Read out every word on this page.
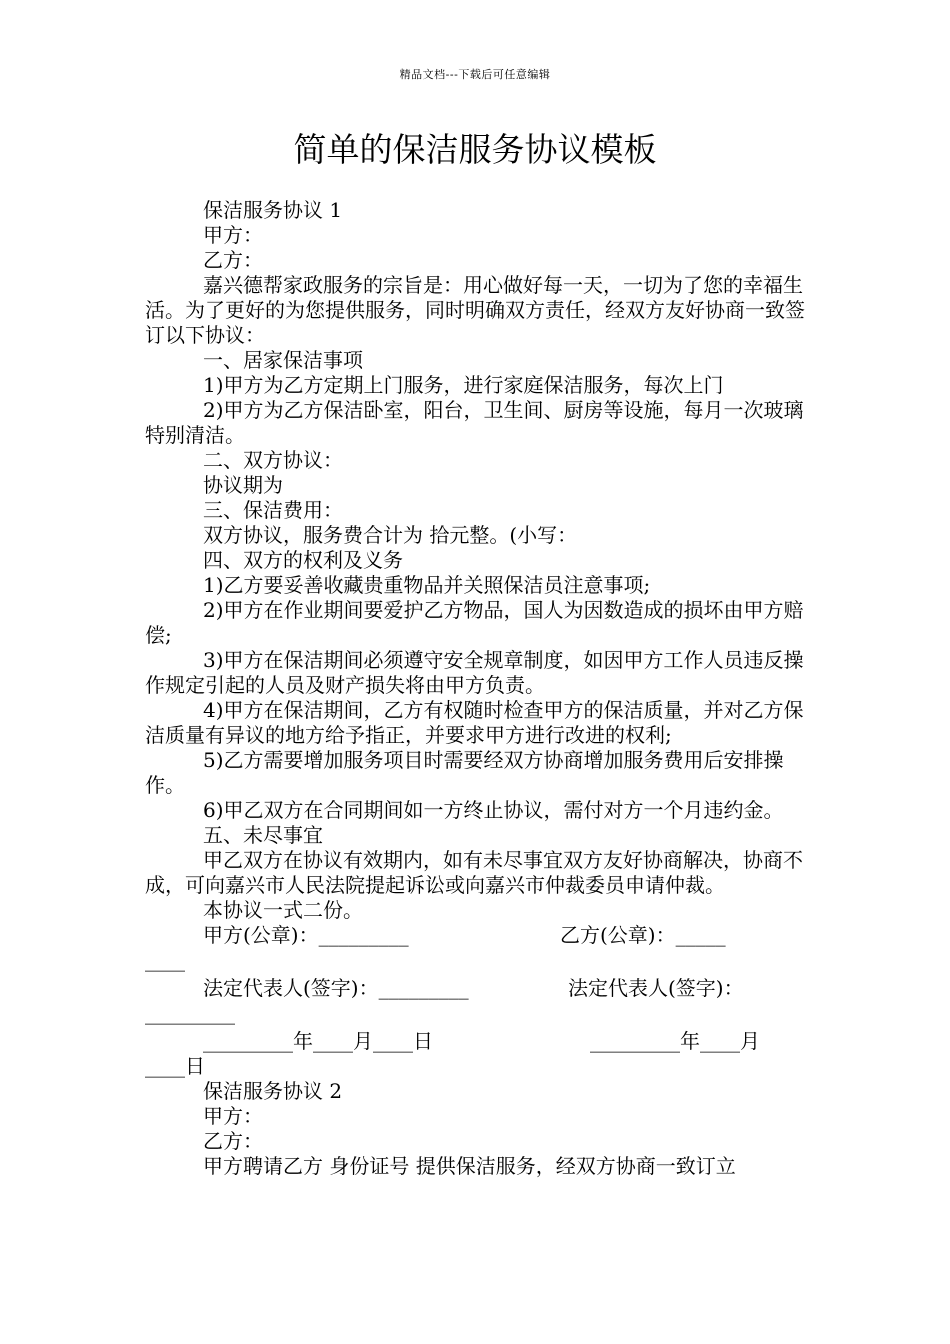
精品文档---下载后可任意编辑
简单的保洁服务协议模板

保洁服务协议 1

甲方：

乙方：

嘉兴德帮家政服务的宗旨是：用心做好每一天，一切为了您的幸福生活。为了更好的为您提供服务，同时明确双方责任，经双方友好协商一致签订以下协议：

一、居家保洁事项

1)甲方为乙方定期上门服务，进行家庭保洁服务，每次上门

2)甲方为乙方保洁卧室，阳台，卫生间、厨房等设施，每月一次玻璃特别清洁。

二、双方协议：

协议期为

三、保洁费用：

双方协议，服务费合计为 拾元整。(小写：

四、双方的权利及义务

1)乙方要妥善收藏贵重物品并关照保洁员注意事项;

2)甲方在作业期间要爱护乙方物品，国人为因数造成的损坏由甲方赔偿;

3)甲方在保洁期间必须遵守安全规章制度，如因甲方工作人员违反操作规定引起的人员及财产损失将由甲方负责。

4)甲方在保洁期间，乙方有权随时检查甲方的保洁质量，并对乙方保洁质量有异议的地方给予指正，并要求甲方进行改进的权利;

5)乙方需要增加服务项目时需要经双方协商增加服务费用后安排操作。

6)甲乙双方在合同期间如一方终止协议，需付对方一个月违约金。

五、未尽事宜

甲乙双方在协议有效期内，如有未尽事宜双方友好协商解决，协商不成，可向嘉兴市人民法院提起诉讼或向嘉兴市仲裁委员申请仲裁。

本协议一式二份。

甲方(公章)：_________	乙方(公章)：_____

____

法定代表人(签字)：_________	法定代表人(签字)：

_________

_________年____月____日	_________年____月

____日

保洁服务协议 2

甲方：

乙方：

甲方聘请乙方 身份证号 提供保洁服务，经双方协商一致订立
